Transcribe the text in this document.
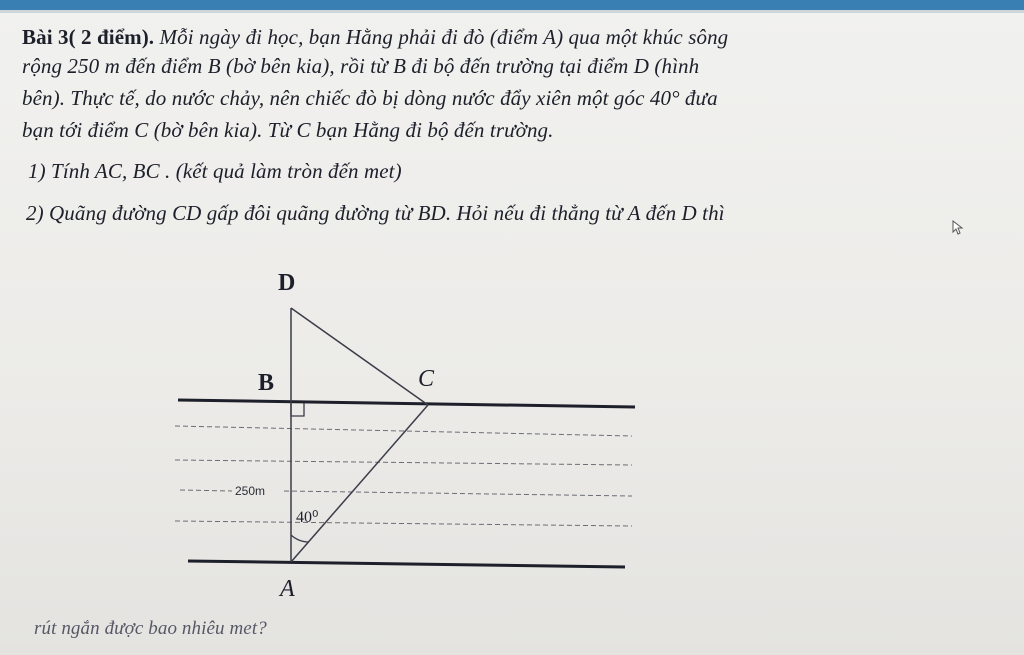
Bài 3( 2 điểm). Mỗi ngày đi học, bạn Hằng phải đi đò (điểm A) qua một khúc sông
rộng 250 m đến điểm B (bờ bên kia), rồi từ B đi bộ đến trường tại điểm D (hình
bên). Thực tế, do nước chảy, nên chiếc đò bị dòng nước đẩy xiên một góc 40° đưa
bạn tới điểm C (bờ bên kia). Từ C bạn Hằng đi bộ đến trường.
1) Tính AC, BC . (kết quả làm tròn đến met)
2) Quãng đường CD gấp đôi quãng đường từ BD. Hỏi nếu đi thẳng từ A đến D thì
D
B	C
A
250m
40⁰
rút ngắn được bao nhiêu met?
